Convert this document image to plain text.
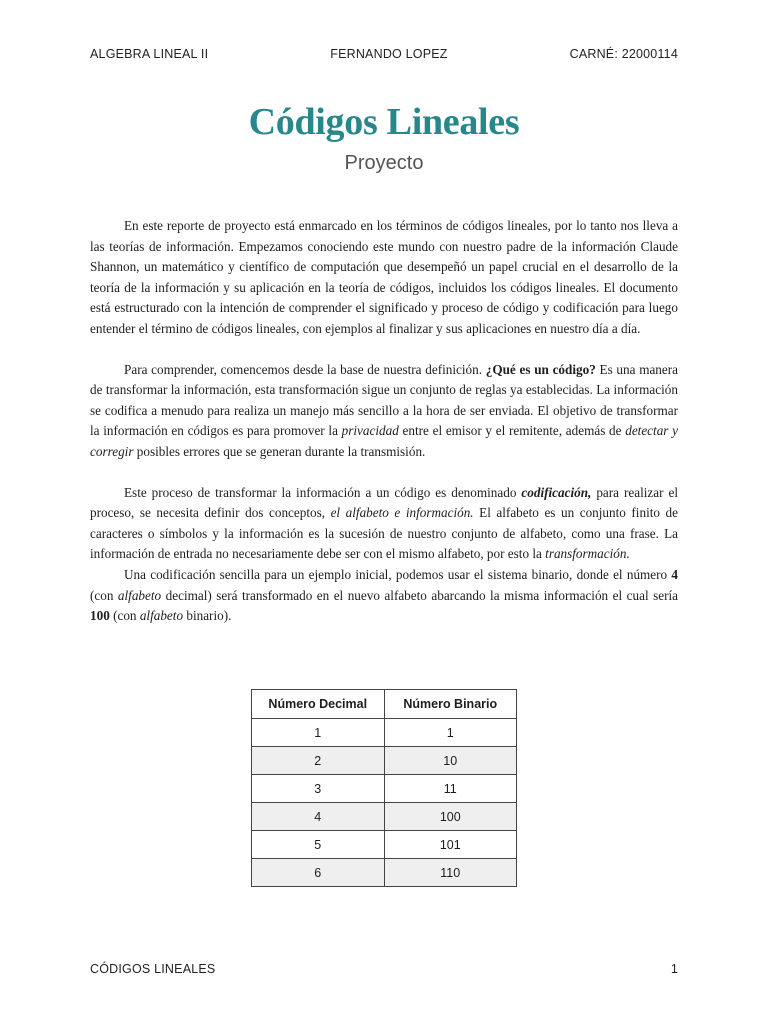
ALGEBRA LINEAL II	FERNANDO LOPEZ	CARNÉ: 22000114
Códigos Lineales
Proyecto

En este reporte de proyecto está enmarcado en los términos de códigos lineales, por lo tanto nos lleva a las teorías de información. Empezamos conociendo este mundo con nuestro padre de la información Claude Shannon, un matemático y científico de computación que desempeñó un papel crucial en el desarrollo de la teoría de la información y su aplicación en la teoría de códigos, incluidos los códigos lineales. El documento está estructurado con la intención de comprender el significado y proceso de código y codificación para luego entender el término de códigos lineales, con ejemplos al finalizar y sus aplicaciones en nuestro día a día.

Para comprender, comencemos desde la base de nuestra definición. ¿Qué es un código? Es una manera de transformar la información, esta transformación sigue un conjunto de reglas ya establecidas. La información se codifica a menudo para realiza un manejo más sencillo a la hora de ser enviada. El objetivo de transformar la información en códigos es para promover la privacidad entre el emisor y el remitente, además de detectar y corregir posibles errores que se generan durante la transmisión.

Este proceso de transformar la información a un código es denominado codificación, para realizar el proceso, se necesita definir dos conceptos, el alfabeto e información. El alfabeto es un conjunto finito de caracteres o símbolos y la información es la sucesión de nuestro conjunto de alfabeto, como una frase. La información de entrada no necesariamente debe ser con el mismo alfabeto, por esto la transformación.

Una codificación sencilla para un ejemplo inicial, podemos usar el sistema binario, donde el número 4 (con alfabeto decimal) será transformado en el nuevo alfabeto abarcando la misma información el cual sería 100 (con alfabeto binario).

Número Decimal	Número Binario
1	1
2	10
3	11
4	100
5	101
6	110
CÓDIGOS LINEALES	1
